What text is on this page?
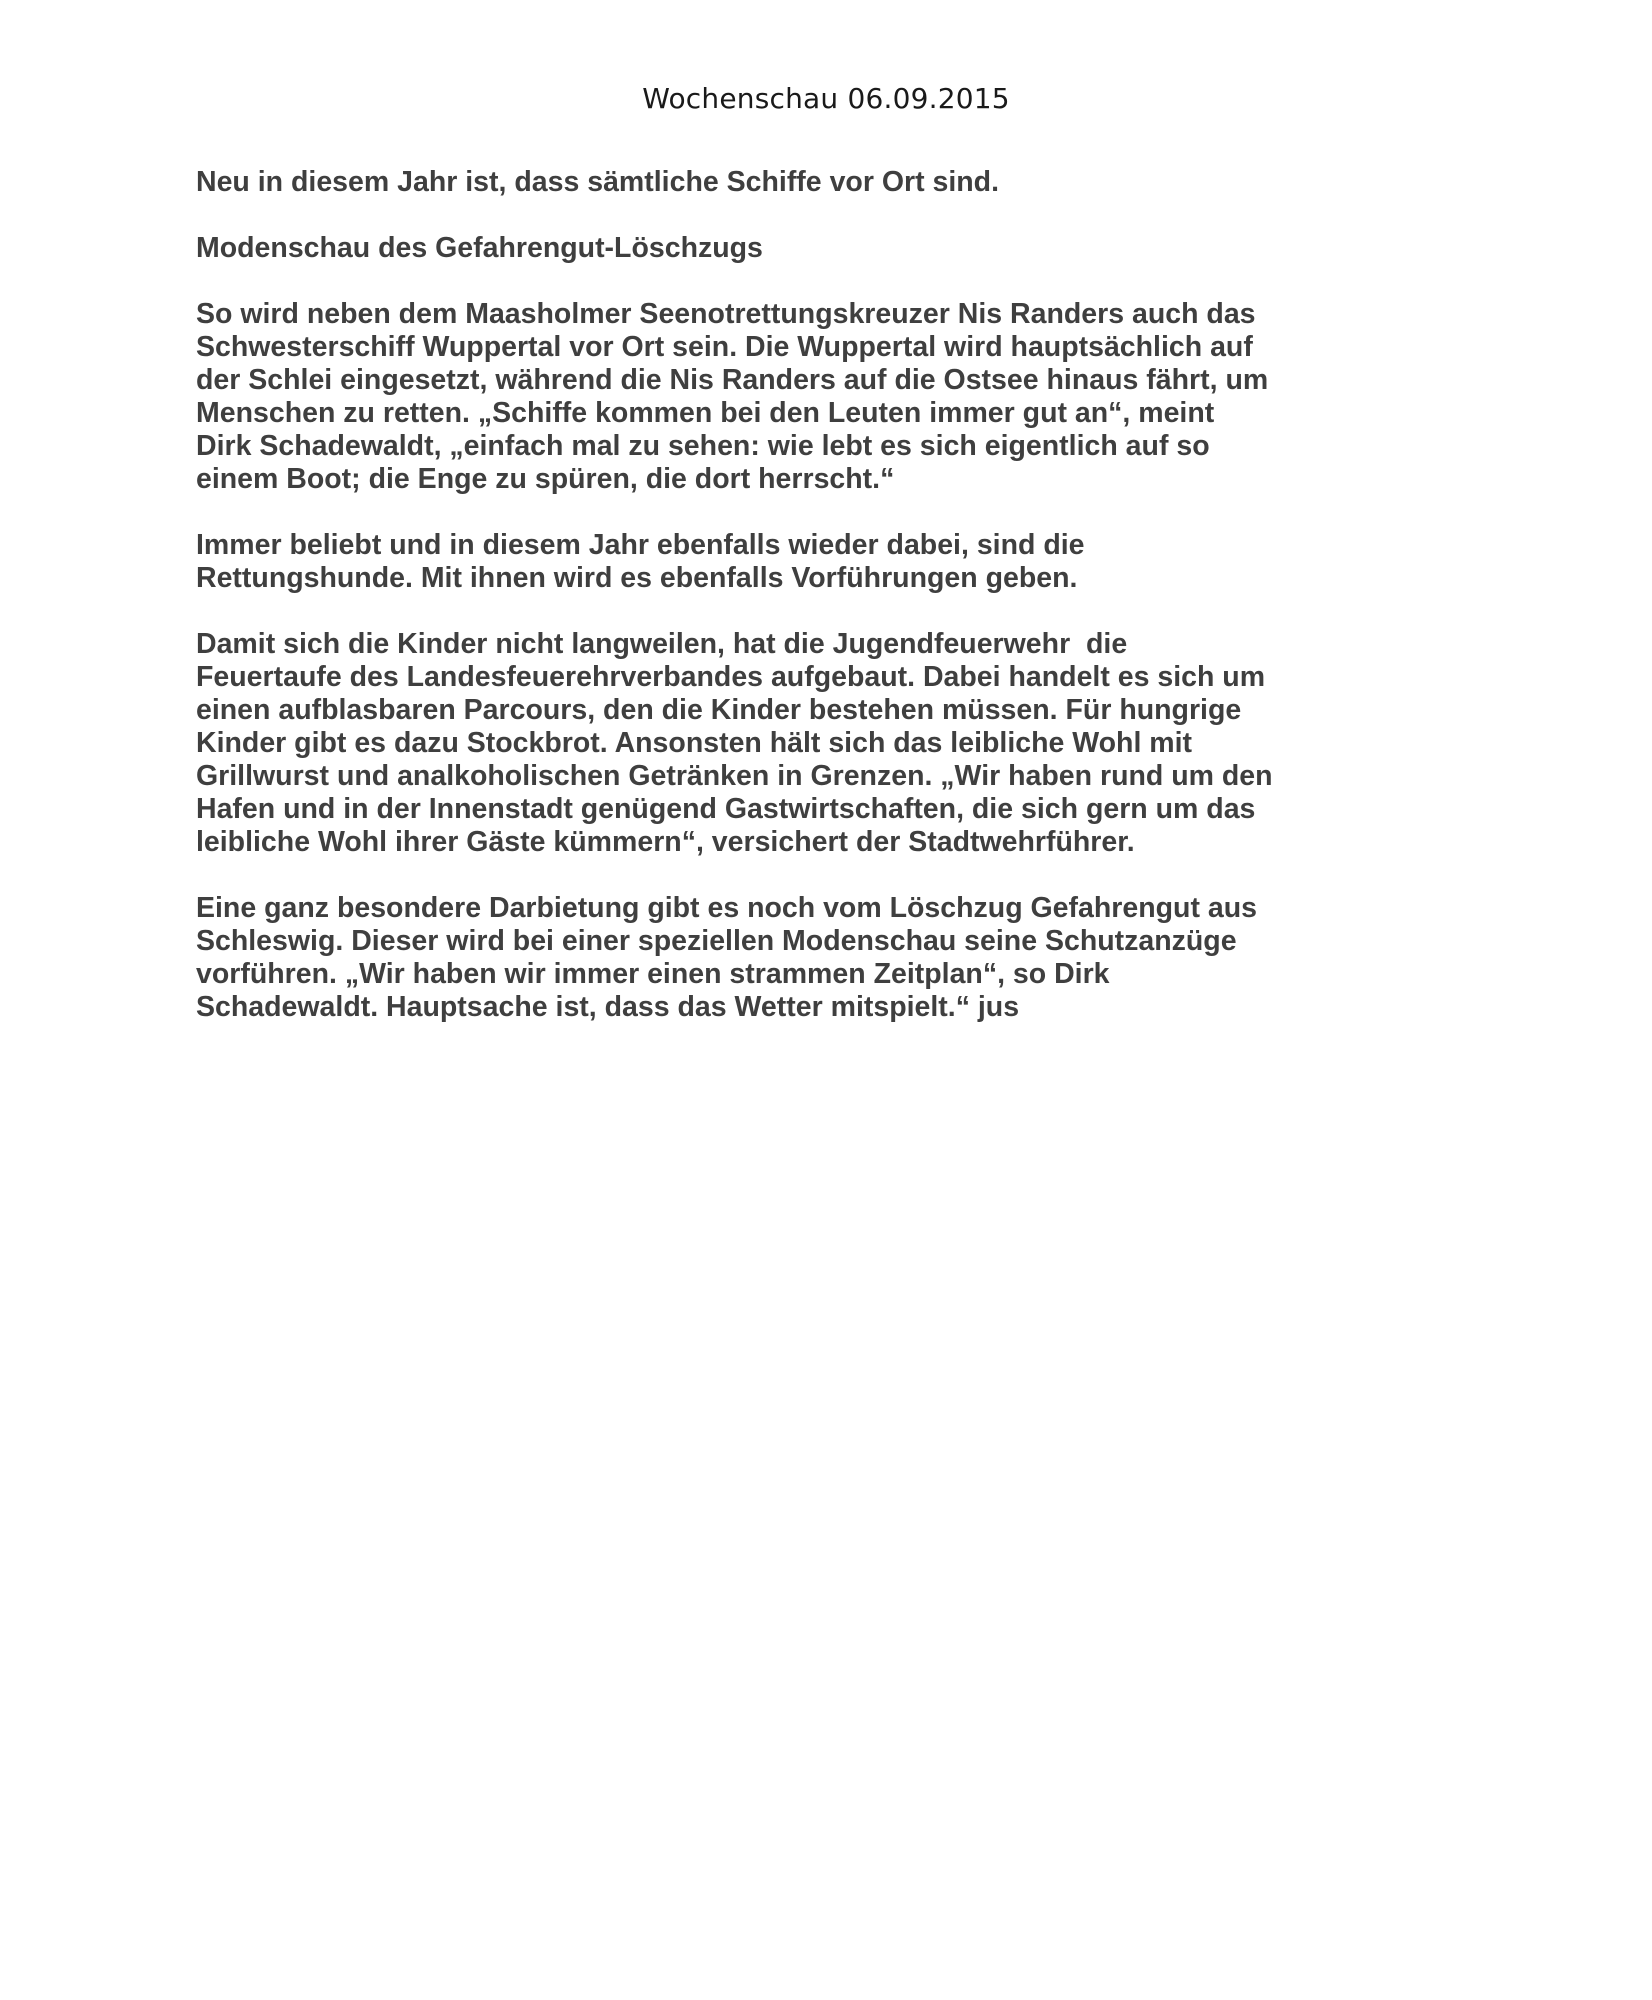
Wochenschau 06.09.2015

Neu in diesem Jahr ist, dass sämtliche Schiffe vor Ort sind.

Modenschau des Gefahrengut-Löschzugs

So wird neben dem Maasholmer Seenotrettungskreuzer Nis Randers auch das
Schwesterschiff Wuppertal vor Ort sein. Die Wuppertal wird hauptsächlich auf
der Schlei eingesetzt, während die Nis Randers auf die Ostsee hinaus fährt, um
Menschen zu retten. „Schiffe kommen bei den Leuten immer gut an“, meint
Dirk Schadewaldt, „einfach mal zu sehen: wie lebt es sich eigentlich auf so
einem Boot; die Enge zu spüren, die dort herrscht.“

Immer beliebt und in diesem Jahr ebenfalls wieder dabei, sind die
Rettungshunde. Mit ihnen wird es ebenfalls Vorführungen geben.

Damit sich die Kinder nicht langweilen, hat die Jugendfeuerwehr  die
Feuertaufe des Landesfeuerehrverbandes aufgebaut. Dabei handelt es sich um
einen aufblasbaren Parcours, den die Kinder bestehen müssen. Für hungrige
Kinder gibt es dazu Stockbrot. Ansonsten hält sich das leibliche Wohl mit
Grillwurst und analkoholischen Getränken in Grenzen. „Wir haben rund um den
Hafen und in der Innenstadt genügend Gastwirtschaften, die sich gern um das
leibliche Wohl ihrer Gäste kümmern“, versichert der Stadtwehrführer.

Eine ganz besondere Darbietung gibt es noch vom Löschzug Gefahrengut aus
Schleswig. Dieser wird bei einer speziellen Modenschau seine Schutzanzüge
vorführen. „Wir haben wir immer einen strammen Zeitplan“, so Dirk
Schadewaldt. Hauptsache ist, dass das Wetter mitspielt.“ jus
